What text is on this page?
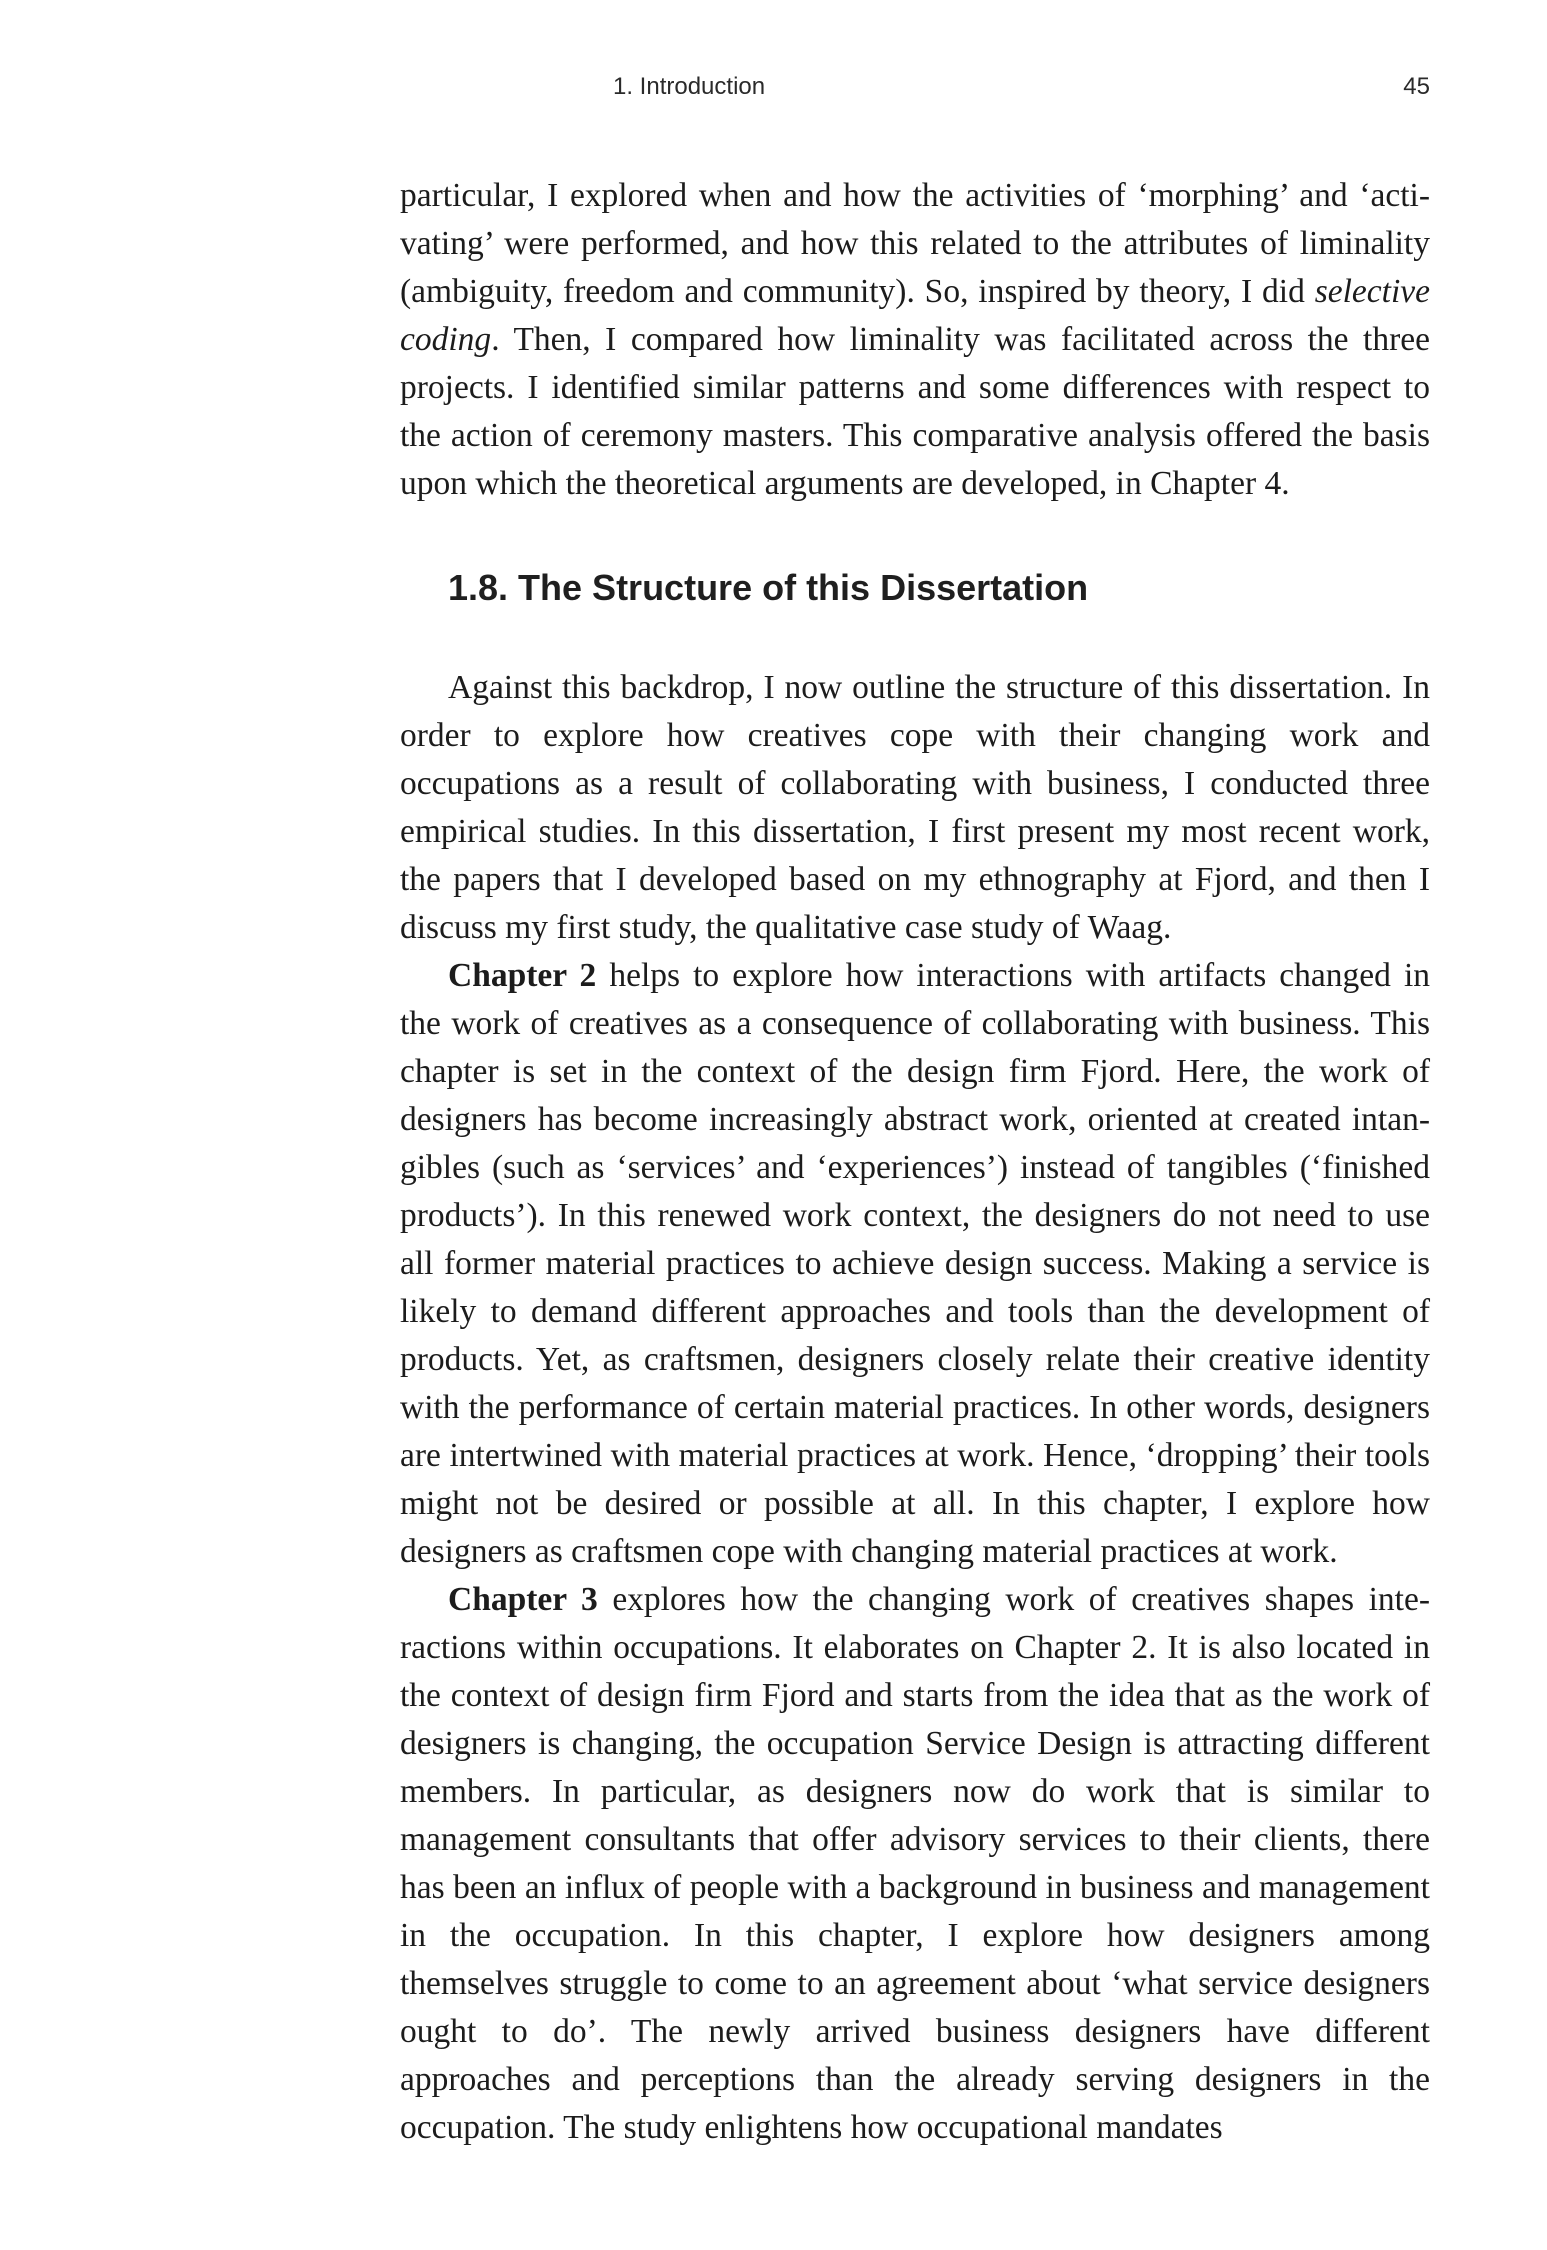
1. Introduction	45

particular, I explored when and how the activities of ‘morphing’ and ‘activating’ were performed, and how this related to the attributes of liminality (ambiguity, freedom and community). So, inspired by theory, I did selective coding. Then, I compared how liminality was facilitated across the three projects. I identified similar patterns and some differences with respect to the action of ceremony masters. This comparative analysis offered the basis upon which the theoretical arguments are developed, in Chapter 4.

1.8. The Structure of this Dissertation

Against this backdrop, I now outline the structure of this dissertation. In order to explore how creatives cope with their changing work and occupations as a result of collaborating with business, I conducted three empirical studies. In this dissertation, I first present my most recent work, the papers that I developed based on my ethnography at Fjord, and then I discuss my first study, the qualitative case study of Waag.

Chapter 2 helps to explore how interactions with artifacts changed in the work of creatives as a consequence of collaborating with business. This chapter is set in the context of the design firm Fjord. Here, the work of designers has become increasingly abstract work, oriented at created intangibles (such as ‘services’ and ‘experiences’) instead of tangibles (‘finished products’). In this renewed work context, the designers do not need to use all former material practices to achieve design success. Making a service is likely to demand different approaches and tools than the development of products. Yet, as craftsmen, designers closely relate their creative identity with the performance of certain material practices. In other words, designers are intertwined with material practices at work. Hence, ‘dropping’ their tools might not be desired or possible at all. In this chapter, I explore how designers as craftsmen cope with changing material practices at work.

Chapter 3 explores how the changing work of creatives shapes interactions within occupations. It elaborates on Chapter 2. It is also located in the context of design firm Fjord and starts from the idea that as the work of designers is changing, the occupation Service Design is attracting different members. In particular, as designers now do work that is similar to management consultants that offer advisory services to their clients, there has been an influx of people with a background in business and management in the occupation. In this chapter, I explore how designers among themselves struggle to come to an agreement about ‘what service designers ought to do’. The newly arrived business designers have different approaches and perceptions than the already serving designers in the occupation. The study enlightens how occupational mandates
